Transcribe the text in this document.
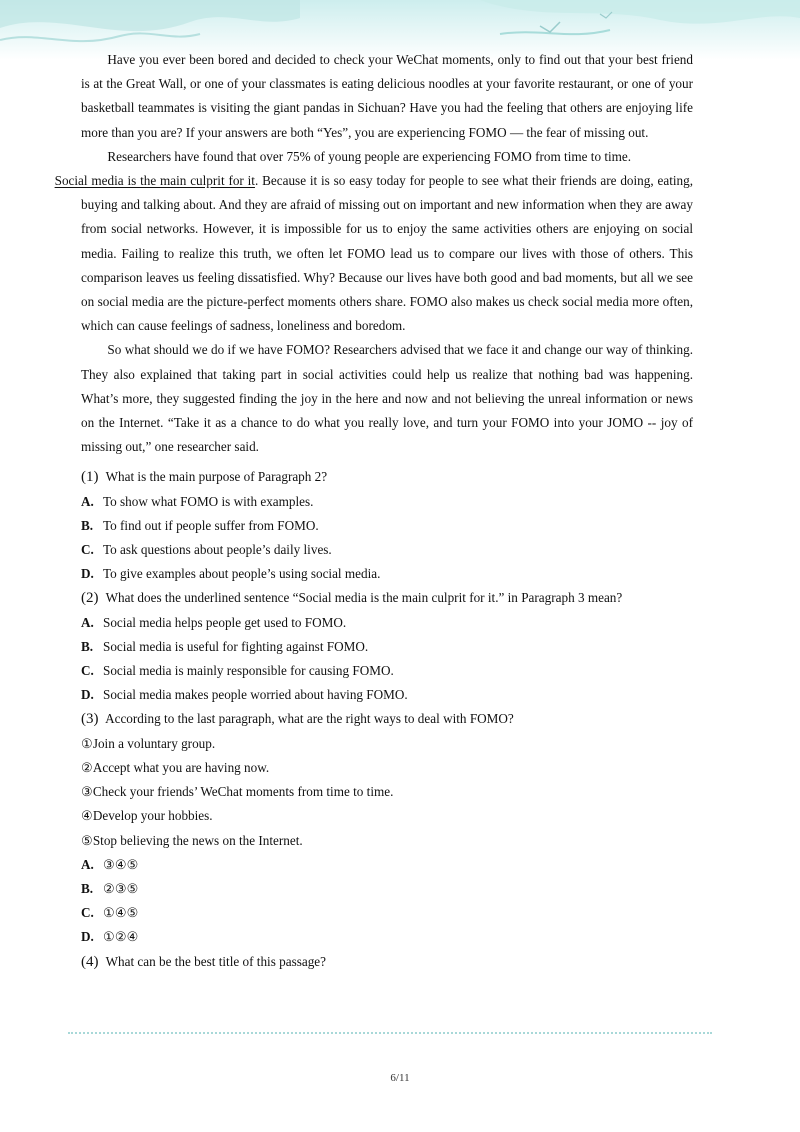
Have you ever been bored and decided to check your WeChat moments, only to find out that your best friend is at the Great Wall, or one of your classmates is eating delicious noodles at your favorite restaurant, or one of your basketball teammates is visiting the giant pandas in Sichuan? Have you had the feeling that others are enjoying life more than you are? If your answers are both “Yes”, you are experiencing FOMO — the fear of missing out.

Researchers have found that over 75% of young people are experiencing FOMO from time to time.
Social media is the main culprit for it. Because it is so easy today for people to see what their friends are doing, eating, buying and talking about. And they are afraid of missing out on important and new information when they are away from social networks. However, it is impossible for us to enjoy the same activities others are enjoying on social media. Failing to realize this truth, we often let FOMO lead us to compare our lives with those of others. This comparison leaves us feeling dissatisfied. Why? Because our lives have both good and bad moments, but all we see on social media are the picture-perfect moments others share. FOMO also makes us check social media more often, which can cause feelings of sadness, loneliness and boredom.

So what should we do if we have FOMO? Researchers advised that we face it and change our way of thinking. They also explained that taking part in social activities could help us realize that nothing bad was happening. What’s more, they suggested finding the joy in the here and now and not believing the unreal information or news on the Internet. “Take it as a chance to do what you really love, and turn your FOMO into your JOMO -- joy of missing out,” one researcher said.

(1) What is the main purpose of Paragraph 2?
A. To show what FOMO is with examples.
B. To find out if people suffer from FOMO.
C. To ask questions about people’s daily lives.
D. To give examples about people’s using social media.
(2) What does the underlined sentence “Social media is the main culprit for it.” in Paragraph 3 mean?
A. Social media helps people get used to FOMO.
B. Social media is useful for fighting against FOMO.
C. Social media is mainly responsible for causing FOMO.
D. Social media makes people worried about having FOMO.
(3) According to the last paragraph, what are the right ways to deal with FOMO?
①Join a voluntary group.
②Accept what you are having now.
③Check your friends’ WeChat moments from time to time.
④Develop your hobbies.
⑤Stop believing the news on the Internet.
A. ③④⑤
B. ②③⑤
C. ①④⑤
D. ①②④
(4) What can be the best title of this passage?
6/11
